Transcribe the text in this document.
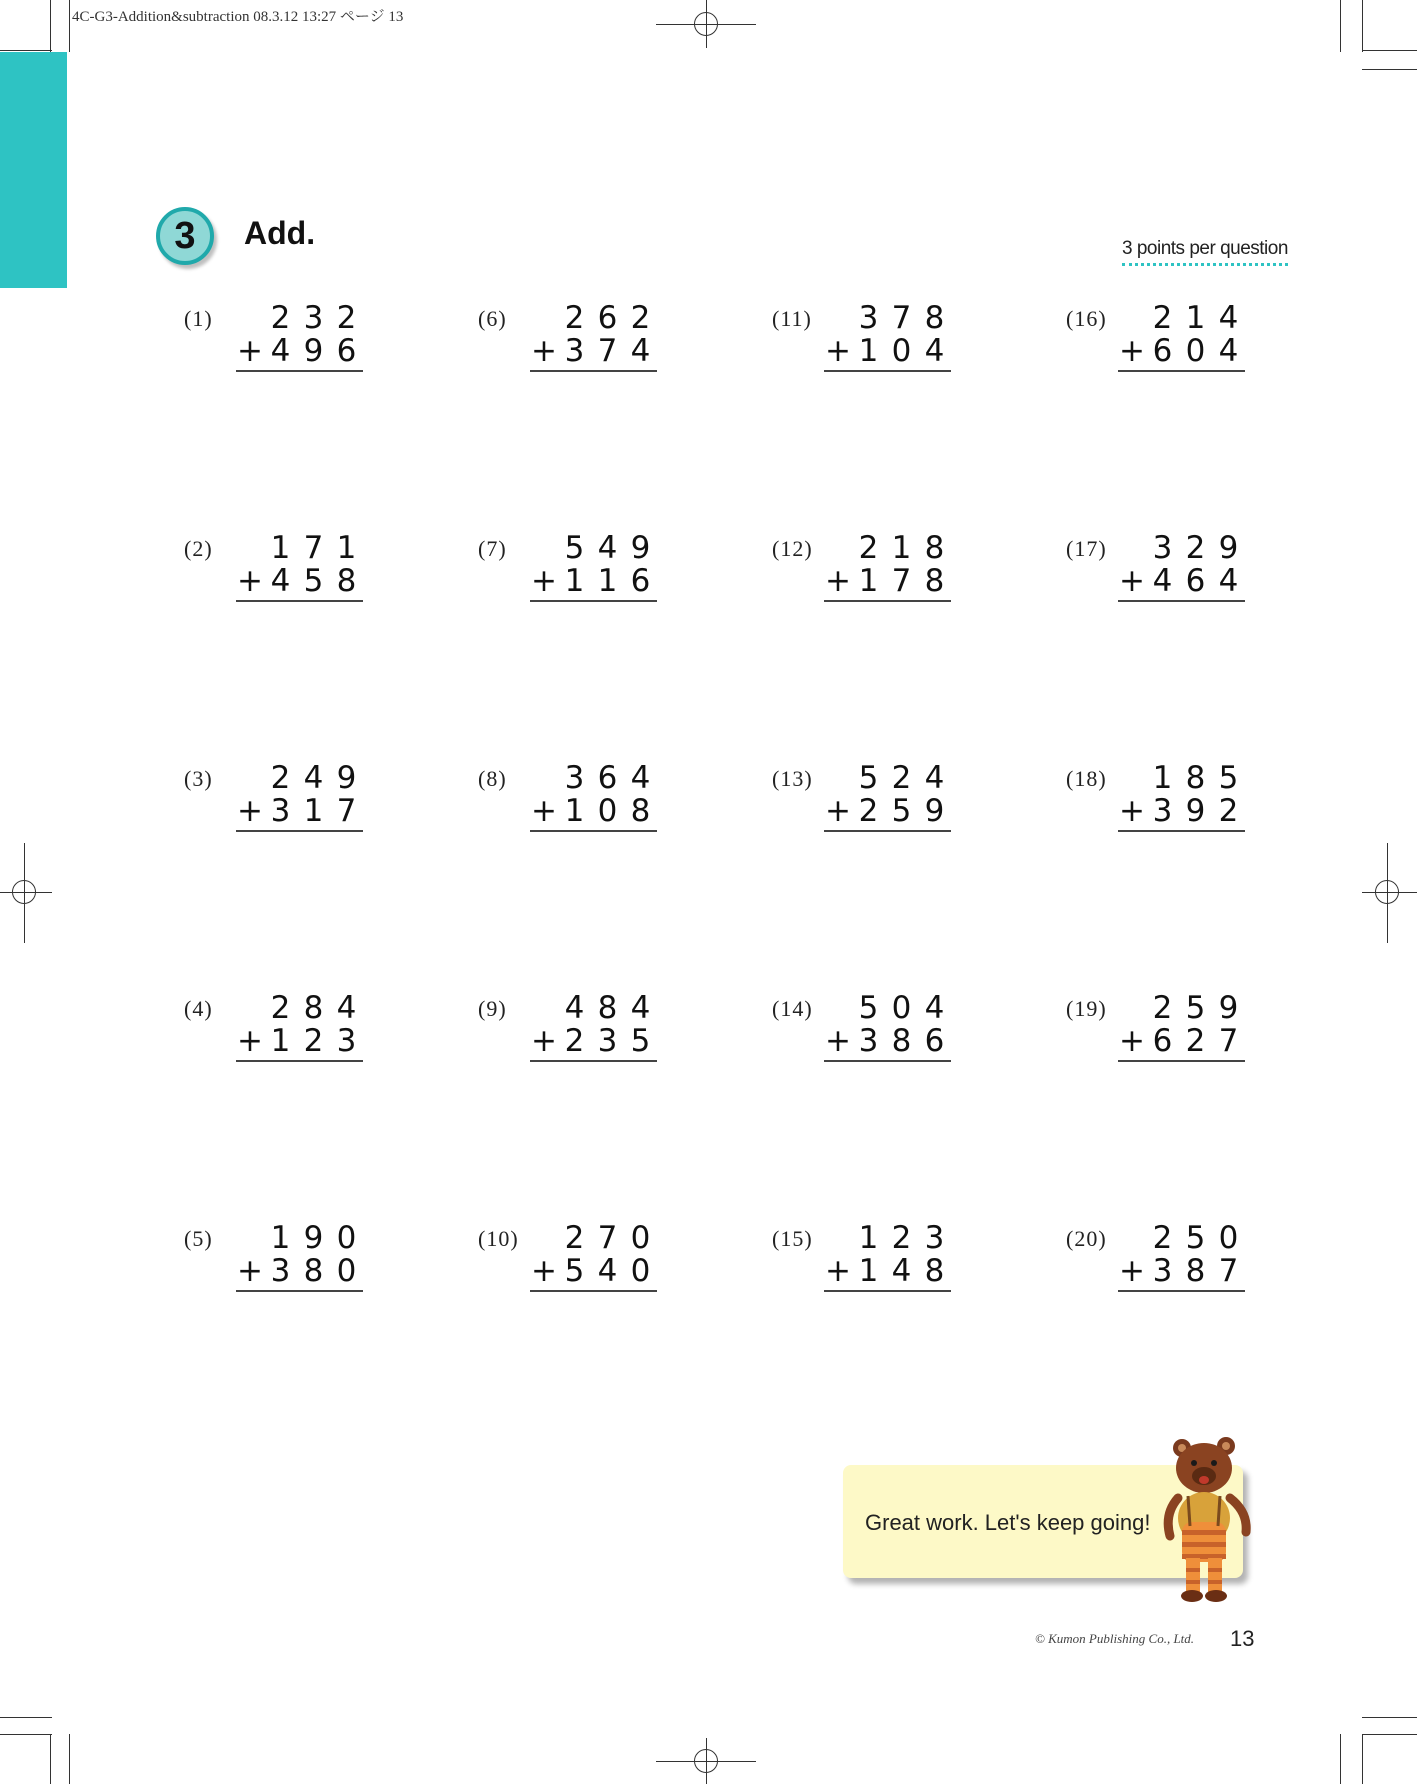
4C-G3-Addition&subtraction 08.3.12 13:27 ページ 13
3	Add.	3 points per question
(1) 2 3 2
+ 4 9 6
(2) 1 7 1
+ 4 5 8
(3) 2 4 9
+ 3 1 7
(4) 2 8 4
+ 1 2 3
(5) 1 9 0
+ 3 8 0
(6) 2 6 2
+ 3 7 4
(7) 5 4 9
+ 1 1 6
(8) 3 6 4
+ 1 0 8
(9) 4 8 4
+ 2 3 5
(10) 2 7 0
+ 5 4 0
(11) 3 7 8
+ 1 0 4
(12) 2 1 8
+ 1 7 8
(13) 5 2 4
+ 2 5 9
(14) 5 0 4
+ 3 8 6
(15) 1 2 3
+ 1 4 8
(16) 2 1 4
+ 6 0 4
(17) 3 2 9
+ 4 6 4
(18) 1 8 5
+ 3 9 2
(19) 2 5 9
+ 6 2 7
(20) 2 5 0
+ 3 8 7
Great work. Let's keep going!
© Kumon Publishing Co., Ltd. 13
